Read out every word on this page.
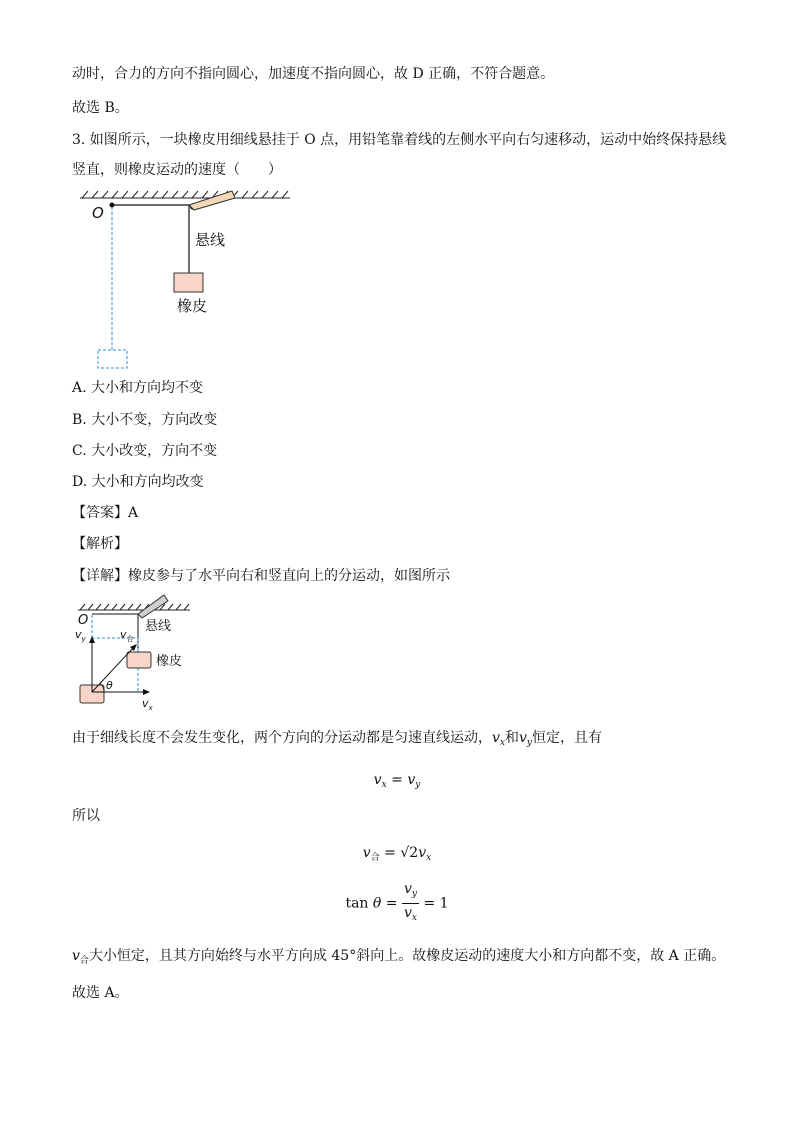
动时，合力的方向不指向圆心，加速度不指向圆心，故 D 正确，不符合题意。
故选 B。
3. 如图所示，一块橡皮用细线悬挂于 O 点，用铅笔靠着线的左侧水平向右匀速移动，运动中始终保持悬线
竖直，则橡皮运动的速度（　　）
O
悬线
橡皮
A. 大小和方向均不变
B. 大小不变，方向改变
C. 大小改变，方向不变
D. 大小和方向均改变
【答案】A
【解析】
【详解】橡皮参与了水平向右和竖直向上的分运动，如图所示
O
$v_y$	$v_合$
悬线
橡皮
θ
$v_x$
由于细线长度不会发生变化，两个方向的分运动都是匀速直线运动，$v_x$和$v_y$恒定，且有
$v_x = v_y$
所以
$v_合 = √2v_x$
$\tan \theta = \frac{v_y}{v_x} = 1$
$v_合$大小恒定，且其方向始终与水平方向成 45°斜向上。故橡皮运动的速度大小和方向都不变，故 A 正确。
故选 A。
